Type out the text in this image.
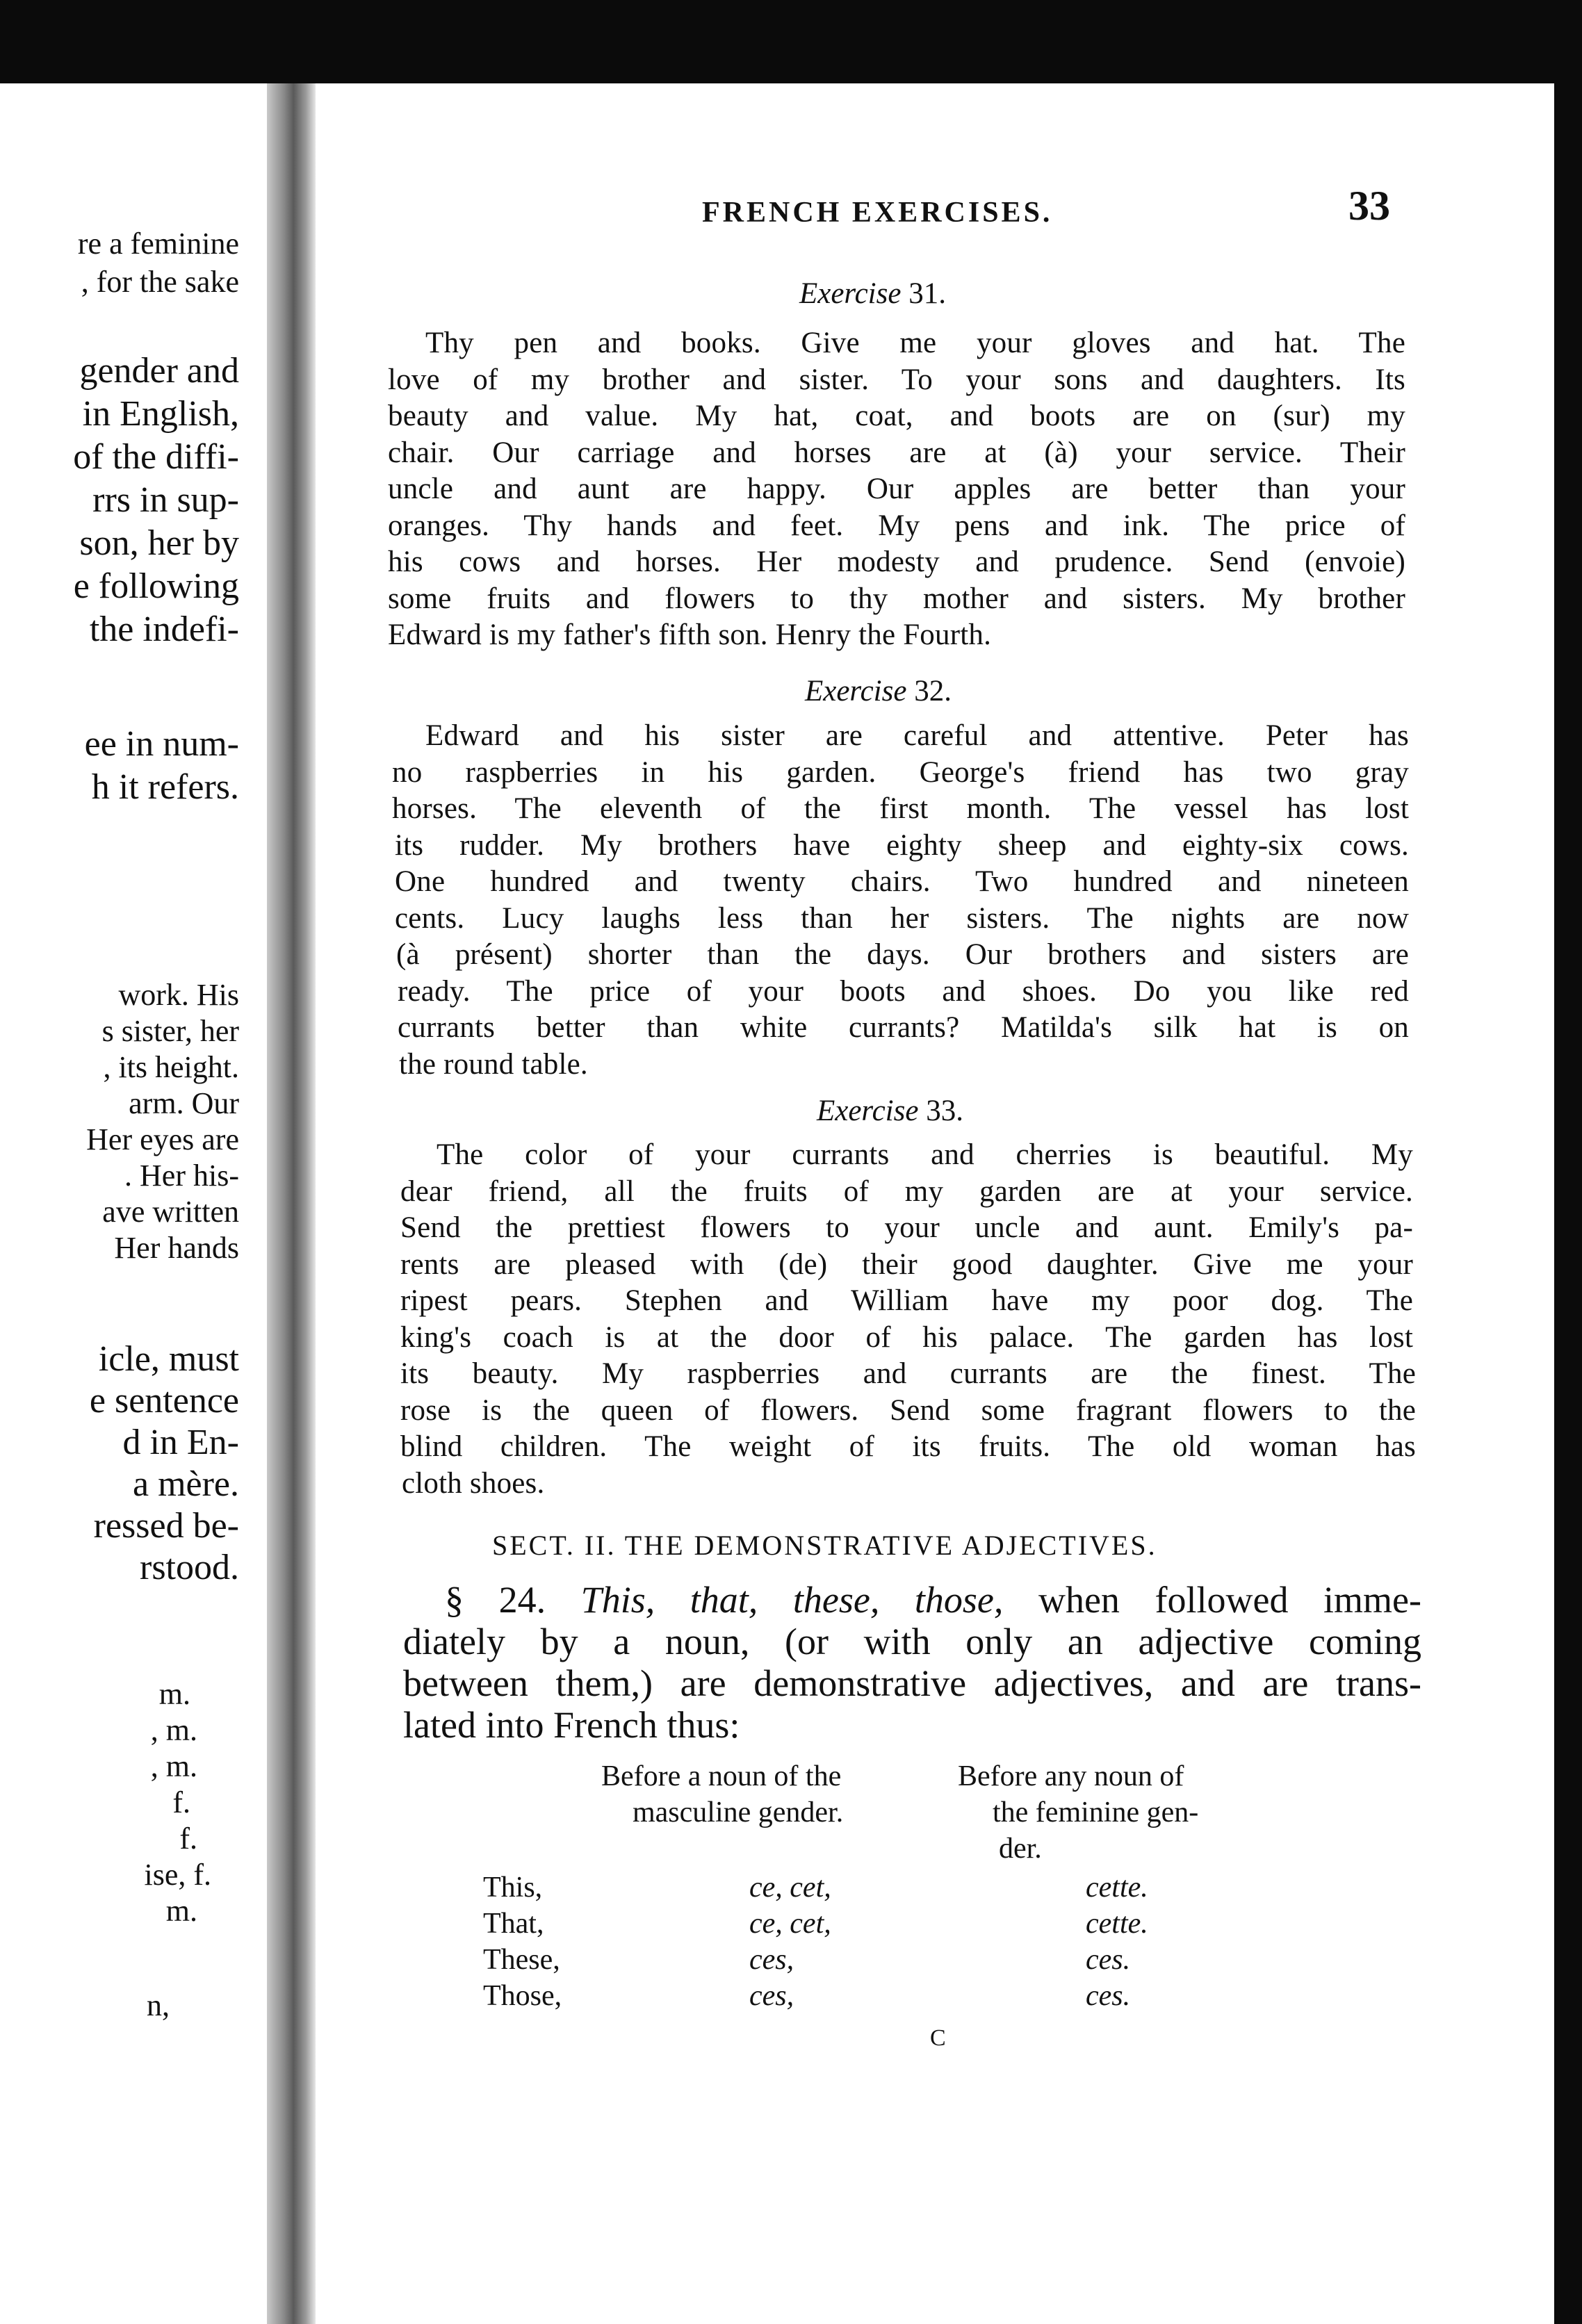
re a feminine
, for the sake
gender and
in English,
of the diffi-
rrs in sup-
son, her by
e following
the indefi-
ee in num-
h it refers.
work. His
s sister, her
, its height.
arm. Our
Her eyes are
. Her his-
ave written
Her hands
icle, must
e sentence
d in En-
a mère.
ressed be-
rstood.
m.
, m.
, m.
f.
f.
ise, f.
m.
n,
FRENCH EXERCISES.	33
Exercise 31.
Thy pen and books. Give me your gloves and hat. The
love of my brother and sister. To your sons and daughters. Its
beauty and value. My hat, coat, and boots are on (sur) my
chair. Our carriage and horses are at (à) your service. Their
uncle and aunt are happy. Our apples are better than your
oranges. Thy hands and feet. My pens and ink. The price of
his cows and horses. Her modesty and prudence. Send (envoie)
some fruits and flowers to thy mother and sisters. My brother
Edward is my father's fifth son. Henry the Fourth.
Exercise 32.
Edward and his sister are careful and attentive. Peter has
no raspberries in his garden. George's friend has two gray
horses. The eleventh of the first month. The vessel has lost
its rudder. My brothers have eighty sheep and eighty-six cows.
One hundred and twenty chairs. Two hundred and nineteen
cents. Lucy laughs less than her sisters. The nights are now
(à présent) shorter than the days. Our brothers and sisters are
ready. The price of your boots and shoes. Do you like red
currants better than white currants? Matilda's silk hat is on
the round table.
Exercise 33.
The color of your currants and cherries is beautiful. My
dear friend, all the fruits of my garden are at your service.
Send the prettiest flowers to your uncle and aunt. Emily's pa-
rents are pleased with (de) their good daughter. Give me your
ripest pears. Stephen and William have my poor dog. The
king's coach is at the door of his palace. The garden has lost
its beauty. My raspberries and currants are the finest. The
rose is the queen of flowers. Send some fragrant flowers to the
blind children. The weight of its fruits. The old woman has
cloth shoes.
SECT. II. THE DEMONSTRATIVE ADJECTIVES.
§ 24. This, that, these, those, when followed imme-
diately by a noun, (or with only an adjective coming
between them,) are demonstrative adjectives, and are trans-
lated into French thus:
Before a noun of the
masculine gender.
Before any noun of
the feminine gen-
der.
This,	ce, cet,	cette.
That,	ce, cet,	cette.
These,	ces,	ces.
Those,	ces,	ces.
C
